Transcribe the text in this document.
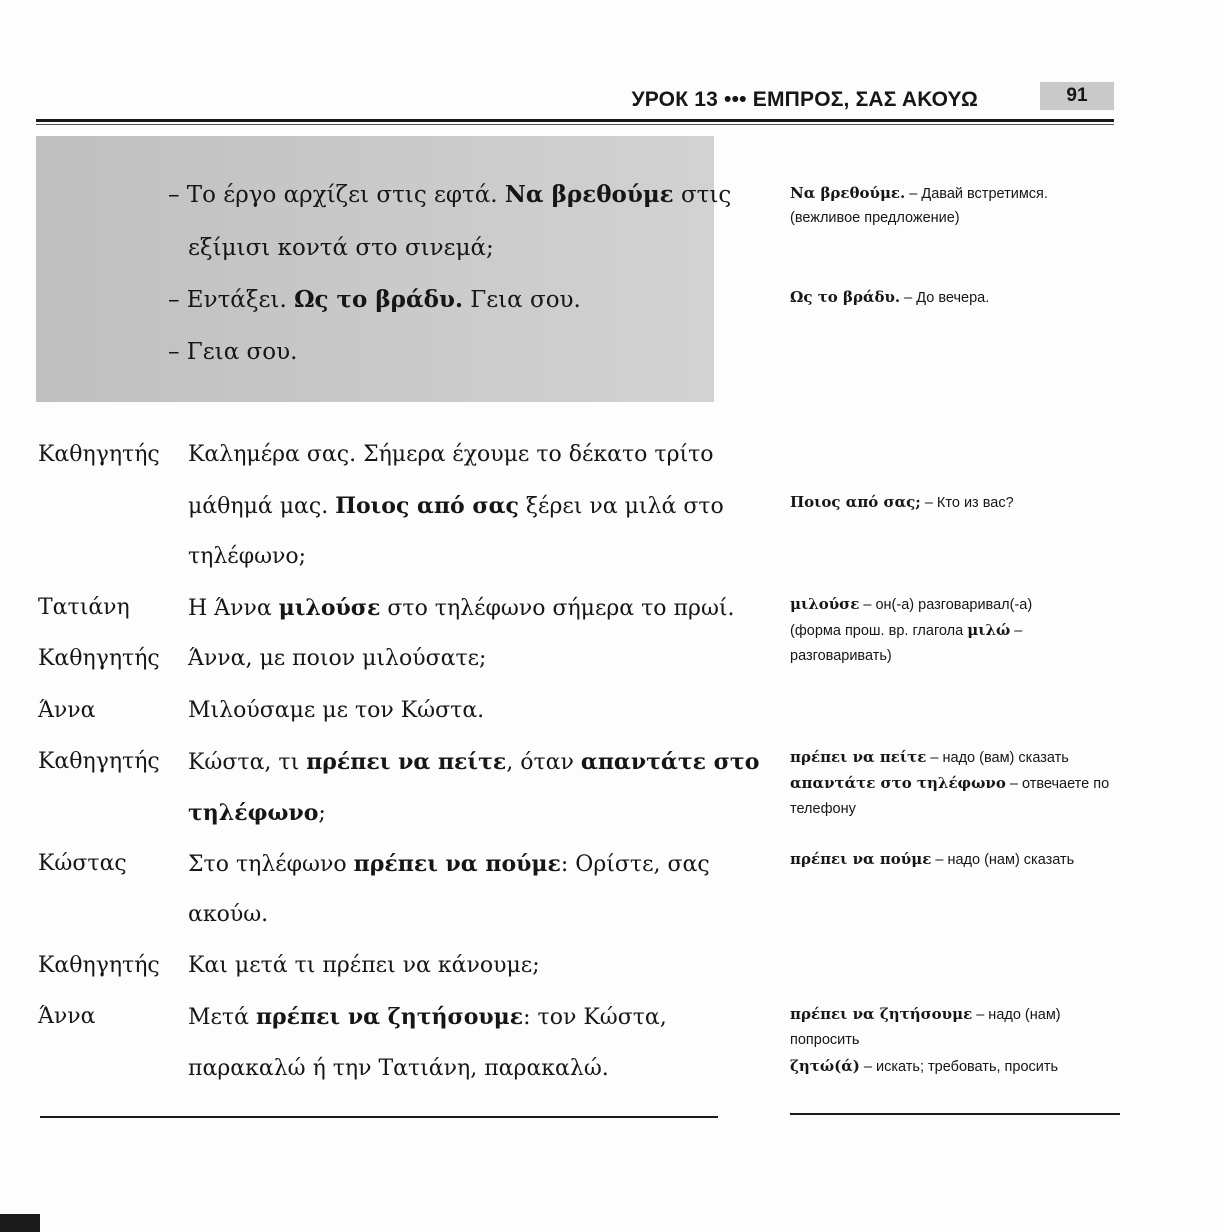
УРОК 13 ••• ΕΜΠΡΟΣ, ΣΑΣ ΑΚΟΥΩ	91
– Το έργο αρχίζει στις εφτά. Να βρεθούμε στις
εξίμισι κοντά στο σινεμά;
– Εντάξει. Ως το βράδυ. Γεια σου.
– Γεια σου.
Καθηγητής
Τατιάνη
Καθηγητής
Άννα
Καθηγητής
Κώστας
Καθηγητής
Άννα
Καλημέρα σας. Σήμερα έχουμε το δέκατο τρίτο
μάθημά μας. Ποιος από σας ξέρει να μιλά στο
τηλέφωνο;
Η Άννα μιλούσε στο τηλέφωνο σήμερα το πρωί.
Άννα, με ποιον μιλούσατε;
Μιλούσαμε με τον Κώστα.
Κώστα, τι πρέπει να πείτε, όταν απαντάτε στο
τηλέφωνο;
Στο τηλέφωνο πρέπει να πούμε: Ορίστε, σας
ακούω.
Και μετά τι πρέπει να κάνουμε;
Μετά πρέπει να ζητήσουμε: τον Κώστα,
παρακαλώ ή την Τατιάνη, παρακαλώ.
Να βρεθούμε. – Давай встретимся.
(вежливое предложение)
Ως το βράδυ. – До вечера.
Ποιος από σας; – Кто из вас?
μιλούσε – он(-а) разговаривал(-а)
(форма прош. вр. глагола μιλώ –
разговаривать)
πρέπει να πείτε – надо (вам) сказать
απαντάτε στο τηλέφωνο – отвечаете по
телефону
πρέπει να πούμε – надо (нам) сказать
πρέπει να ζητήσουμε – надо (нам)
попросить
ζητώ(ά) – искать; требовать, просить
